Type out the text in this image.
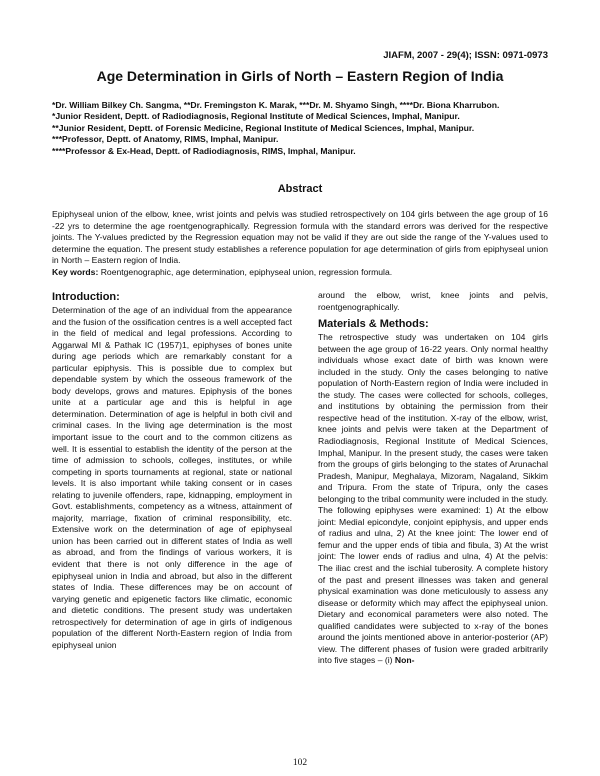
JIAFM, 2007 - 29(4); ISSN: 0971-0973
Age Determination in Girls of North – Eastern Region of India

*Dr. William Bilkey Ch. Sangma, **Dr. Fremingston K. Marak, ***Dr. M. Shyamo Singh, ****Dr. Biona Kharrubon.

*Junior Resident, Deptt. of Radiodiagnosis, Regional Institute of Medical Sciences, Imphal, Manipur.

**Junior Resident, Deptt. of Forensic Medicine, Regional Institute of Medical Sciences, Imphal, Manipur.

***Professor, Deptt. of Anatomy, RIMS, Imphal, Manipur.

****Professor & Ex-Head, Deptt. of Radiodiagnosis, RIMS, Imphal, Manipur.

Abstract

Epiphyseal union of the elbow, knee, wrist joints and pelvis was studied retrospectively on 104 girls between the age group of 16 -22 yrs to determine the age roentgenographically. Regression formula with the standard errors was derived for the respective joints. The Y-values predicted by the Regression equation may not be valid if they are out side the range of the Y-values used to determine the equation. The present study establishes a reference population for age determination of girls from epiphyseal union in North – Eastern region of India.

Key words: Roentgenographic, age determination, epiphyseal union, regression formula.

Introduction:

Determination of the age of an individual from the appearance and the fusion of the ossification centres is a well accepted fact in the field of medical and legal professions. According to Aggarwal MI & Pathak IC (1957)1, epiphyses of bones unite during age periods which are remarkably constant for a particular epiphysis. This is possible due to complex but dependable system by which the osseous framework of the body develops, grows and matures. Epiphysis of the bones unite at a particular age and this is helpful in age determination. Determination of age is helpful in both civil and criminal cases. In the living age determination is the most important issue to the court and to the common citizens as well. It is essential to establish the identity of the person at the time of admission to schools, colleges, institutes, or while competing in sports tournaments at regional, state or national levels. It is also important while taking consent or in cases relating to juvenile offenders, rape, kidnapping, employment in Govt. establishments, competency as a witness, attainment of majority, marriage, fixation of criminal responsibility, etc. Extensive work on the determination of age of epiphyseal union has been carried out in different states of India as well as abroad, and from the findings of various workers, it is evident that there is not only difference in the age of epiphyseal union in India and abroad, but also in the different states of India. These differences may be on account of varying genetic and epigenetic factors like climatic, economic and dietetic conditions. The present study was undertaken retrospectively for determination of age in girls of indigenous population of the different North-Eastern region of India from epiphyseal union

around the elbow, wrist, knee joints and pelvis, roentgenographically.

Materials & Methods:

The retrospective study was undertaken on 104 girls between the age group of 16-22 years. Only normal healthy individuals whose exact date of birth was known were included in the study. Only the cases belonging to native population of North-Eastern region of India were included in the study. The cases were collected for schools, colleges, and institutions by obtaining the permission from their respective head of the institution. X-ray of the elbow, wrist, knee joints and pelvis were taken at the Department of Radiodiagnosis, Regional Institute of Medical Sciences, Imphal, Manipur. In the present study, the cases were taken from the groups of girls belonging to the states of Arunachal Pradesh, Manipur, Meghalaya, Mizoram, Nagaland, Sikkim and Tripura. From the state of Tripura, only the cases belonging to the tribal community were included in the study. The following epiphyses were examined: 1) At the elbow joint: Medial epicondyle, conjoint epiphysis, and upper ends of radius and ulna, 2) At the knee joint: The lower end of femur and the upper ends of tibia and fibula, 3) At the wrist joint: The lower ends of radius and ulna, 4) At the pelvis: The iliac crest and the ischial tuberosity. A complete history of the past and present illnesses was taken and general physical examination was done meticulously to assess any disease or deformity which may affect the epiphyseal union. Dietary and economical parameters were also noted. The qualified candidates were subjected to x-ray of the bones around the joints mentioned above in anterior-posterior (AP) view. The different phases of fusion were graded arbitrarily into five stages – (i) Non-

102
